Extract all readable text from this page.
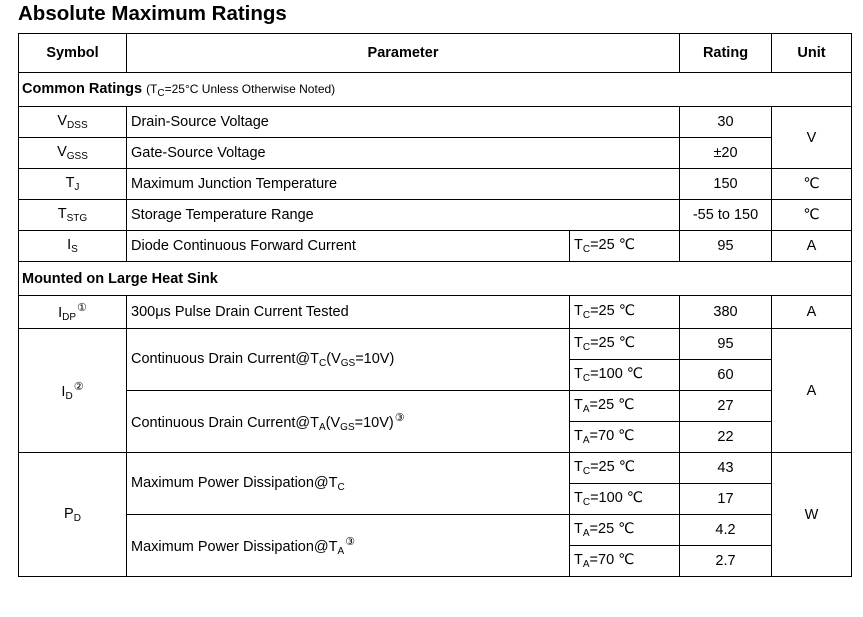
Absolute Maximum Ratings
Symbol	Parameter		Rating	Unit
Common Ratings ($T_C=25^\circ C$ Unless Otherwise Noted)				
$V_{DSS}$	Drain-Source Voltage		30	V
$V_{GSS}$	Gate-Source Voltage		±20	
$T_J$	Maximum Junction Temperature		150	℃
$T_{STG}$	Storage Temperature Range		-55 to 150	℃
$I_S$	Diode Continuous Forward Current	$T_C=25$ ℃	95	A
Mounted on Large Heat Sink				
$I_{DP}^①$	300μs Pulse Drain Current Tested	$T_C=25$ ℃	380	A
$I_D^②$	Continuous Drain $Current@T_C(V_{GS}=10V)$	$T_C=25$ ℃	95	A
		$T_C=100$ ℃	60	
	Continuous Drain $Current@T_A(V_{GS}=10V)^③$	$T_A=25$ ℃	27	
		$T_A=70$ ℃	22	
$P_D$	Maximum Power $Dissipation@T_C$	$T_C=25$ ℃	43	W
		$T_C=100$ ℃	17	
	Maximum Power $Dissipation@T_A^③$	$T_A=25$ ℃	4.2	
		$T_A=70$ ℃	2.7	
